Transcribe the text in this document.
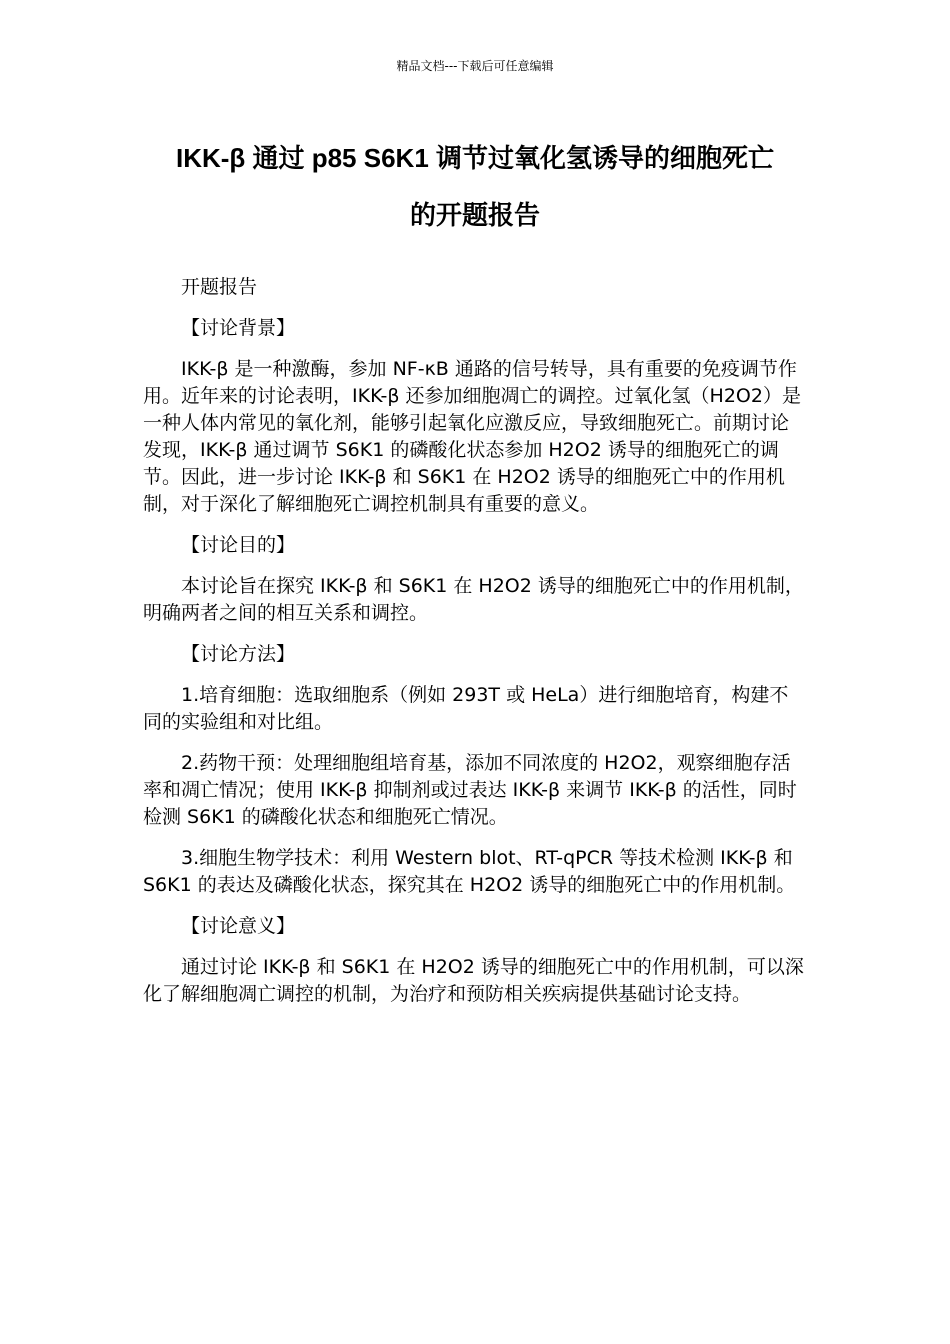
精品文档---下载后可任意编辑
IKK-β 通过 p85 S6K1 调节过氧化氢诱导的细胞死亡
的开题报告

开题报告

【讨论背景】

IKK-β 是一种激酶，参加 NF-κB 通路的信号转导，具有重要的免疫调节作用。近年来的讨论表明，IKK-β 还参加细胞凋亡的调控。过氧化氢（H2O2）是一种人体内常见的氧化剂，能够引起氧化应激反应，导致细胞死亡。前期讨论发现，IKK-β 通过调节 S6K1 的磷酸化状态参加 H2O2 诱导的细胞死亡的调节。因此，进一步讨论 IKK-β 和 S6K1 在 H2O2 诱导的细胞死亡中的作用机制，对于深化了解细胞死亡调控机制具有重要的意义。

【讨论目的】

本讨论旨在探究 IKK-β 和 S6K1 在 H2O2 诱导的细胞死亡中的作用机制，明确两者之间的相互关系和调控。

【讨论方法】

1.培育细胞：选取细胞系（例如 293T 或 HeLa）进行细胞培育，构建不同的实验组和对比组。

2.药物干预：处理细胞组培育基，添加不同浓度的 H2O2，观察细胞存活率和凋亡情况；使用 IKK-β 抑制剂或过表达 IKK-β 来调节 IKK-β 的活性，同时检测 S6K1 的磷酸化状态和细胞死亡情况。

3.细胞生物学技术：利用 Western blot、RT-qPCR 等技术检测 IKK-β 和 S6K1 的表达及磷酸化状态，探究其在 H2O2 诱导的细胞死亡中的作用机制。

【讨论意义】

通过讨论 IKK-β 和 S6K1 在 H2O2 诱导的细胞死亡中的作用机制，可以深化了解细胞凋亡调控的机制，为治疗和预防相关疾病提供基础讨论支持。
